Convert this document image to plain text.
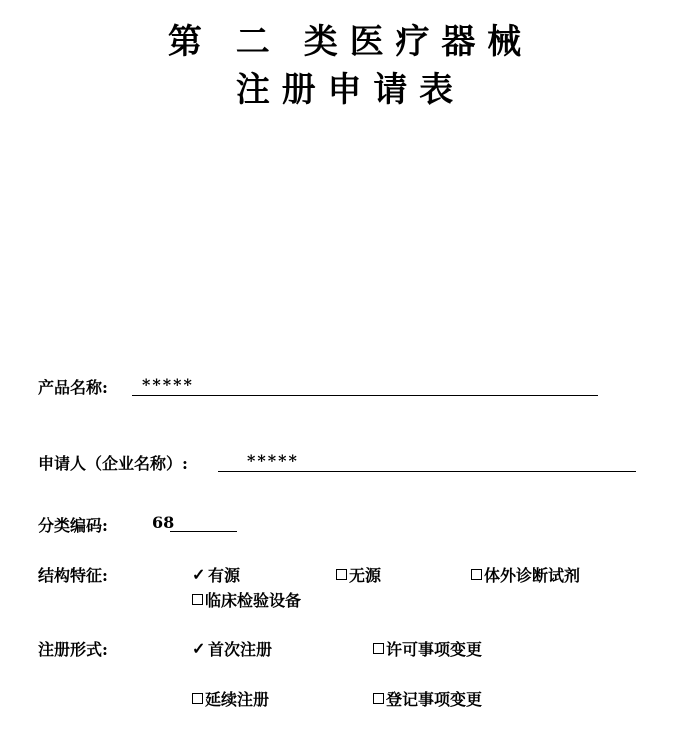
第　二　类 医 疗 器 械
注 册 申 请 表
产品名称: *****
申请人（企业名称）:	*****
分类编码:	68
结构特征:	✓ 有源	无源	体外诊断试剂
临床检验设备
注册形式:	✓ 首次注册	许可事项变更
延续注册	登记事项变更
